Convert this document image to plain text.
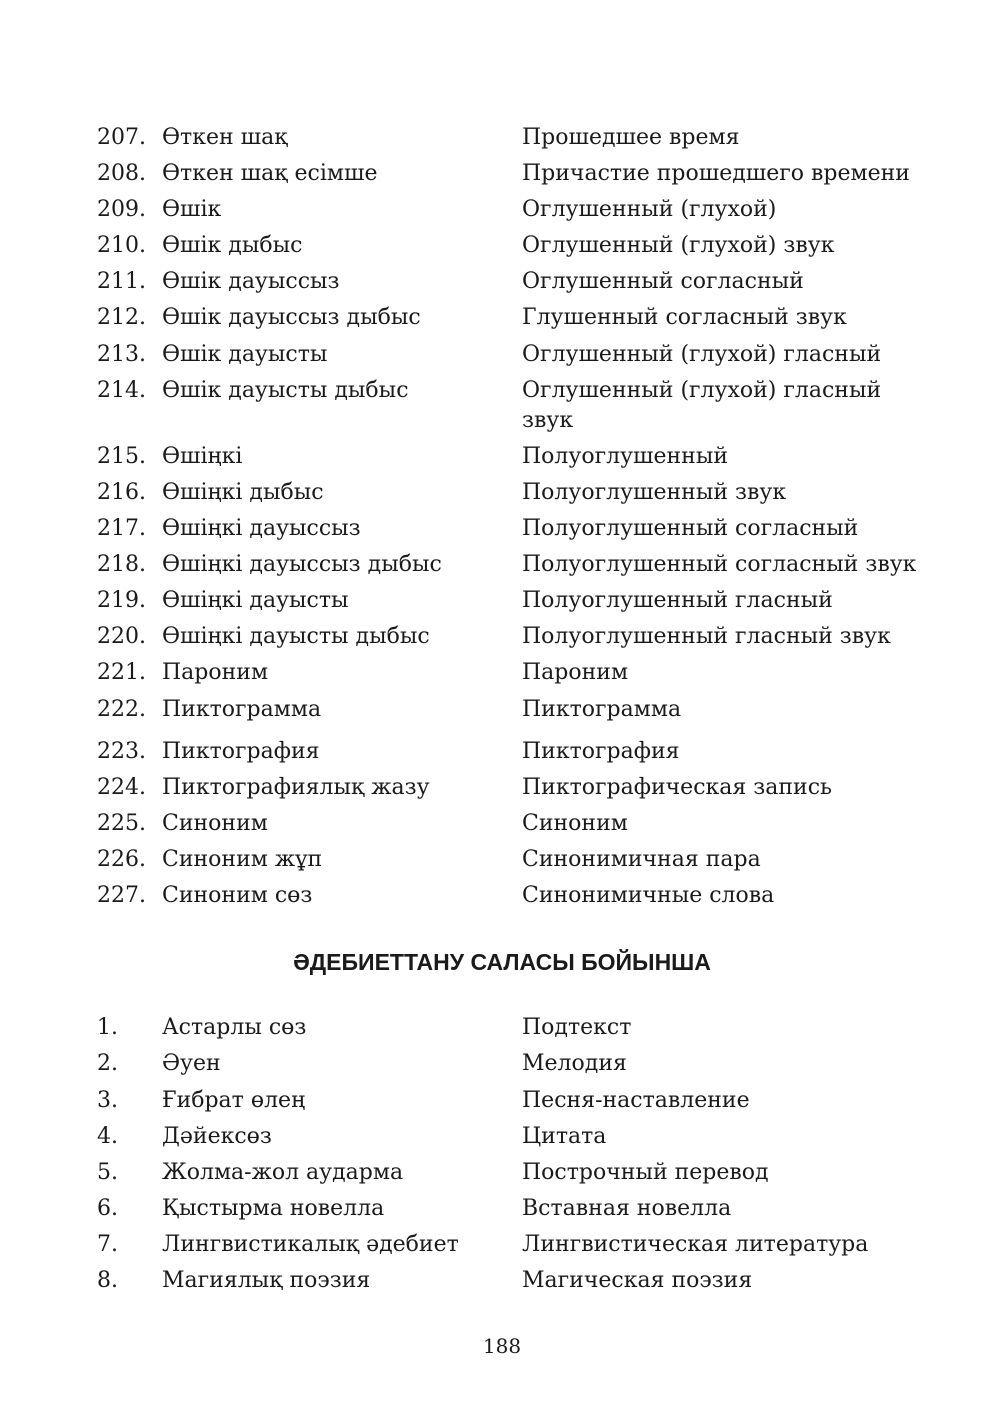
207. Өткен шақ	Прошедшее время
208. Өткен шақ есімше	Причастие прошедшего времени
209. Өшік	Оглушенный (глухой)
210. Өшік дыбыс	Оглушенный (глухой) звук
211. Өшік дауыссыз	Оглушенный согласный
212. Өшік дауыссыз дыбыс	Глушенный согласный звук
213. Өшік дауысты	Оглушенный (глухой) гласный
214. Өшік дауысты дыбыс	Оглушенный (глухой) гласный звук
215. Өшіңкі	Полуоглушенный
216. Өшіңкі дыбыс	Полуоглушенный звук
217. Өшіңкі дауыссыз	Полуоглушенный согласный
218. Өшіңкі дауыссыз дыбыс	Полуоглушенный согласный звук
219. Өшіңкі дауысты	Полуоглушенный гласный
220. Өшіңкі дауысты дыбыс	Полуоглушенный гласный звук
221. Пароним	Пароним
222. Пиктограмма	Пиктограмма
223. Пиктография	Пиктография
224. Пиктографиялық жазу	Пиктографическая запись
225. Синоним	Синоним
226. Синоним жұп	Синонимичная пара
227. Синоним сөз	Синонимичные слова
ӘДЕБИЕТТАНУ САЛАСЫ БОЙЫНША
1. Астарлы сөз	Подтекст
2. Әуен	Мелодия
3. Ғибрат өлең	Песня-наставление
4. Дәйексөз	Цитата
5. Жолма-жол аударма	Построчный перевод
6. Қыстырма новелла	Вставная новелла
7. Лингвистикалық әдебиет	Лингвистическая литература
8. Магиялық поэзия	Магическая поэзия
188
